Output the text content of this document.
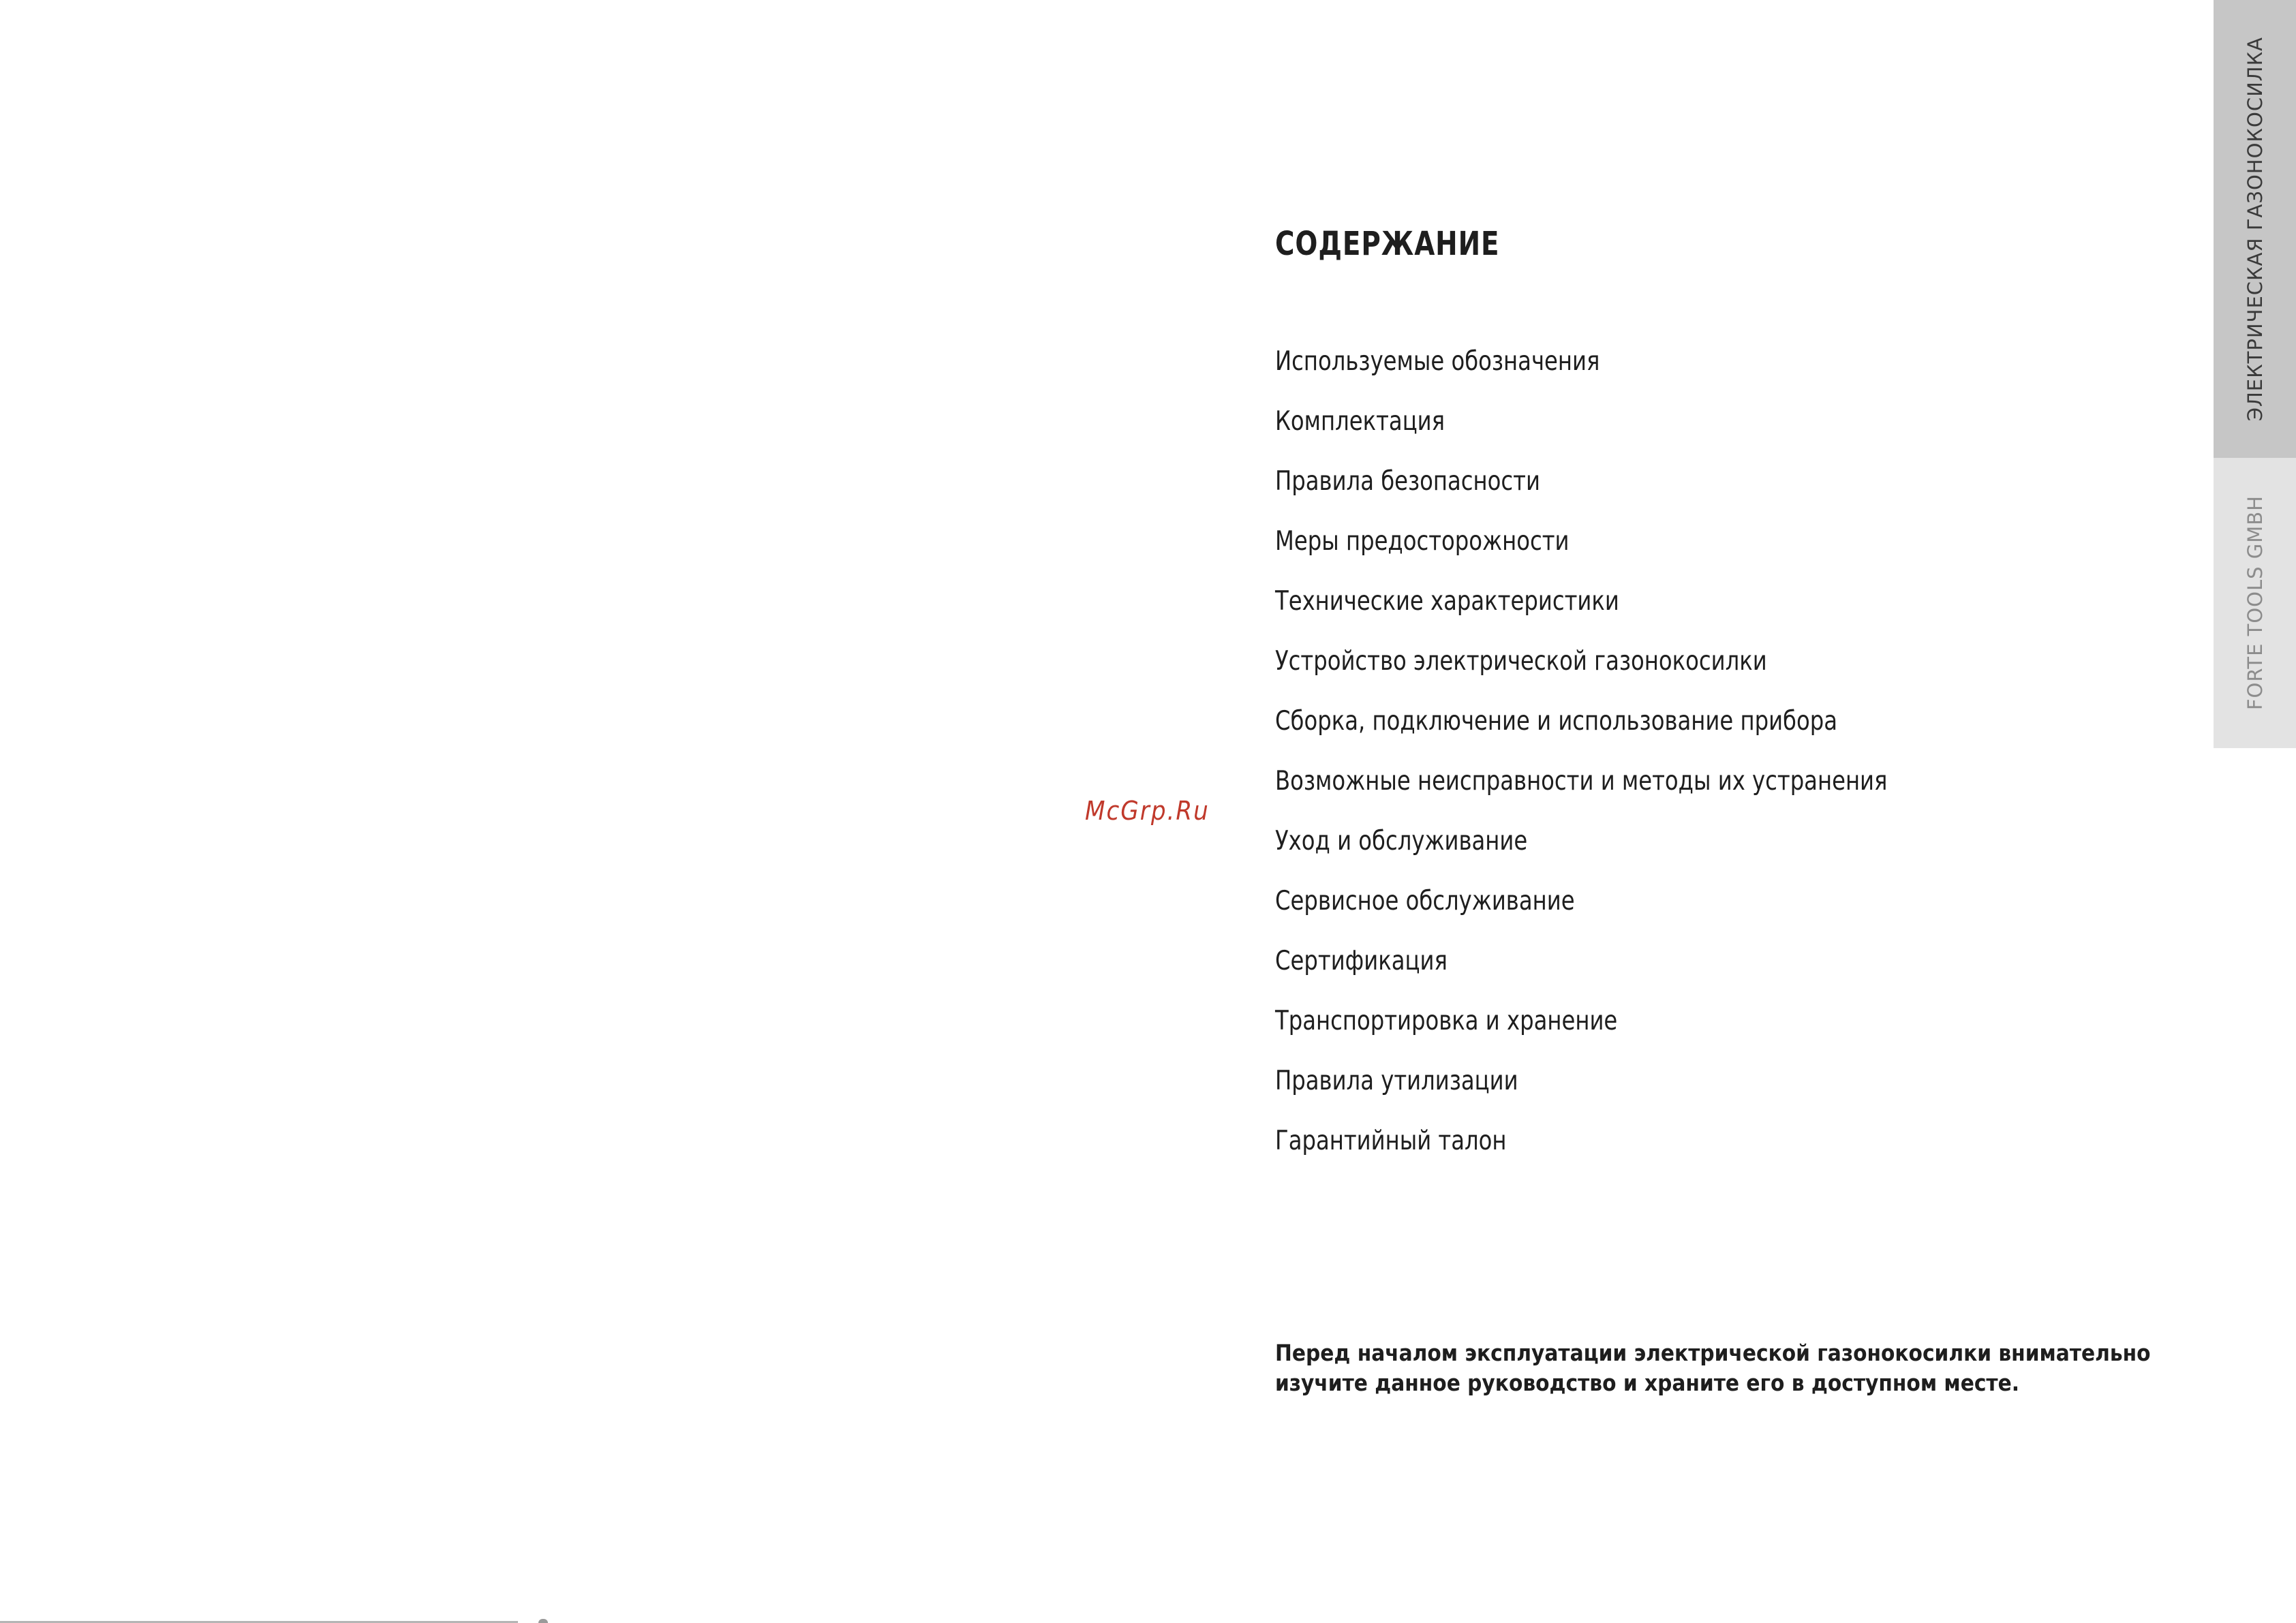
СОДЕРЖАНИЕ
Используемые обозначения
Комплектация
Правила безопасности
Меры предосторожности
Технические характеристики
Устройство электрической газонокосилки
Сборка, подключение и использование прибора
Возможные неисправности и методы их устранения
Уход и обслуживание
Сервисное обслуживание
Сертификация
Транспортировка и хранение
Правила утилизации
Гарантийный талон
McGrp.Ru
Перед началом эксплуатации электрической газонокосилки внимательно
изучите данное руководство и храните его в доступном месте.
ЭЛЕКТРИЧЕСКАЯ ГАЗОНОКОСИЛКА
FORTE TOOLS GMBH
